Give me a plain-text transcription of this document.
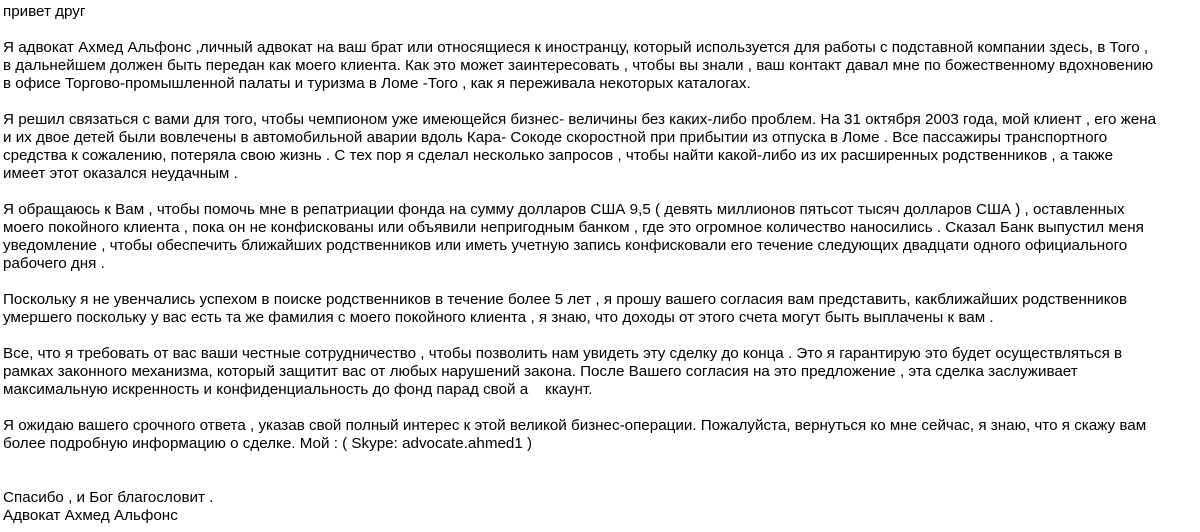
привет друг
Я адвокат Ахмед Альфонс ,личный адвокат на ваш брат или относящиеся к иностранцу, который используется для работы с подставной компании здесь, в Того ,
в дальнейшем должен быть передан как моего клиента. Как это может заинтересовать , чтобы вы знали , ваш контакт давал мне по божественному вдохновению
в офисе Торгово-промышленной палаты и туризма в Ломе -Того , как я переживала некоторых каталогах.
Я решил связаться с вами для того, чтобы чемпионом уже имеющейся бизнес- величины без каких-либо проблем. На 31 октября 2003 года, мой клиент , его жена
и их двое детей были вовлечены в автомобильной аварии вдоль Кара- Сокоде скоростной при прибытии из отпуска в Ломе . Все пассажиры транспортного
средства к сожалению, потеряла свою жизнь . С тех пор я сделал несколько запросов , чтобы найти какой-либо из их расширенных родственников , а также
имеет этот оказался неудачным .
Я обращаюсь к Вам , чтобы помочь мне в репатриации фонда на сумму долларов США 9,5 ( девять миллионов пятьсот тысяч долларов США ) , оставленных
моего покойного клиента , пока он не конфискованы или объявили непригодным банком , где это огромное количество наносились . Сказал Банк выпустил меня
уведомление , чтобы обеспечить ближайших родственников или иметь учетную запись конфисковали его течение следующих двадцати одного официального
рабочего дня .
Поскольку я не увенчались успехом в поиске родственников в течение более 5 лет , я прошу вашего согласия вам представить, какближайших родственников
умершего поскольку у вас есть та же фамилия с моего покойного клиента , я знаю, что доходы от этого счета могут быть выплачены к вам .
Все, что я требовать от вас ваши честные сотрудничество , чтобы позволить нам увидеть эту сделку до конца . Это я гарантирую это будет осуществляться в
рамках законного механизма, который защитит вас от любых нарушений закона. После Вашего согласия на это предложение , эта сделка заслуживает
максимальную искренность и конфиденциальность до фонд парад свой а    ккаунт.
Я ожидаю вашего срочного ответа , указав свой полный интерес к этой великой бизнес-операции. Пожалуйста, вернуться ко мне сейчас, я знаю, что я скажу вам
более подробную информацию о сделке. Мой : ( Skype: advocate.ahmed1 )
Спасибо , и Бог благословит .
Адвокат Ахмед Альфонс
